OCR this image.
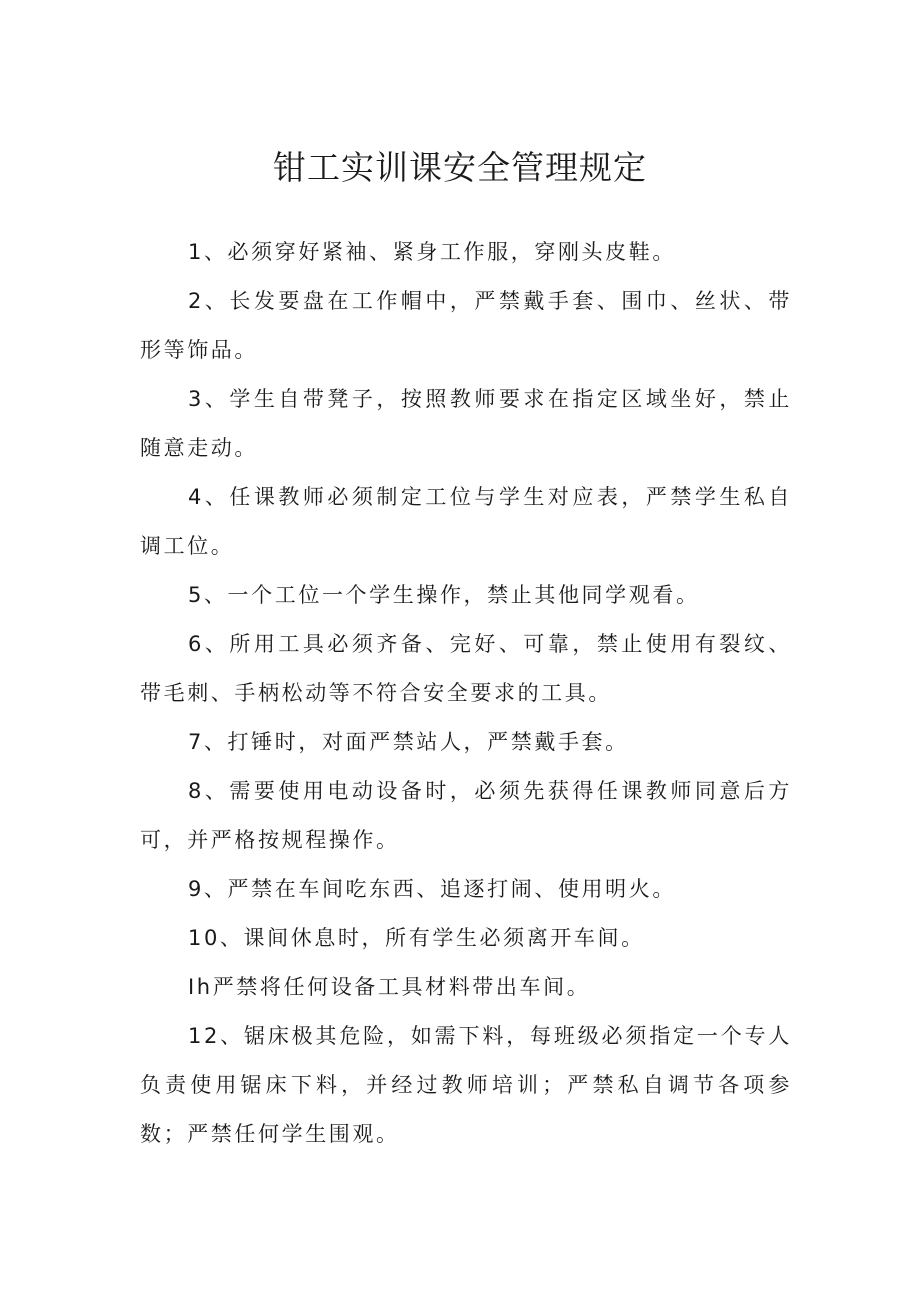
钳工实训课安全管理规定

1、必须穿好紧袖、紧身工作服，穿刚头皮鞋。

2、长发要盘在工作帽中，严禁戴手套、围巾、丝状、带形等饰品。

3、学生自带凳子，按照教师要求在指定区域坐好，禁止随意走动。

4、任课教师必须制定工位与学生对应表，严禁学生私自调工位。

5、一个工位一个学生操作，禁止其他同学观看。

6、所用工具必须齐备、完好、可靠，禁止使用有裂纹、带毛刺、手柄松动等不符合安全要求的工具。

7、打锤时，对面严禁站人，严禁戴手套。

8、需要使用电动设备时，必须先获得任课教师同意后方可，并严格按规程操作。

9、严禁在车间吃东西、追逐打闹、使用明火。

10、课间休息时，所有学生必须离开车间。

Ih严禁将任何设备工具材料带出车间。

12、锯床极其危险，如需下料，每班级必须指定一个专人负责使用锯床下料，并经过教师培训；严禁私自调节各项参数；严禁任何学生围观。
